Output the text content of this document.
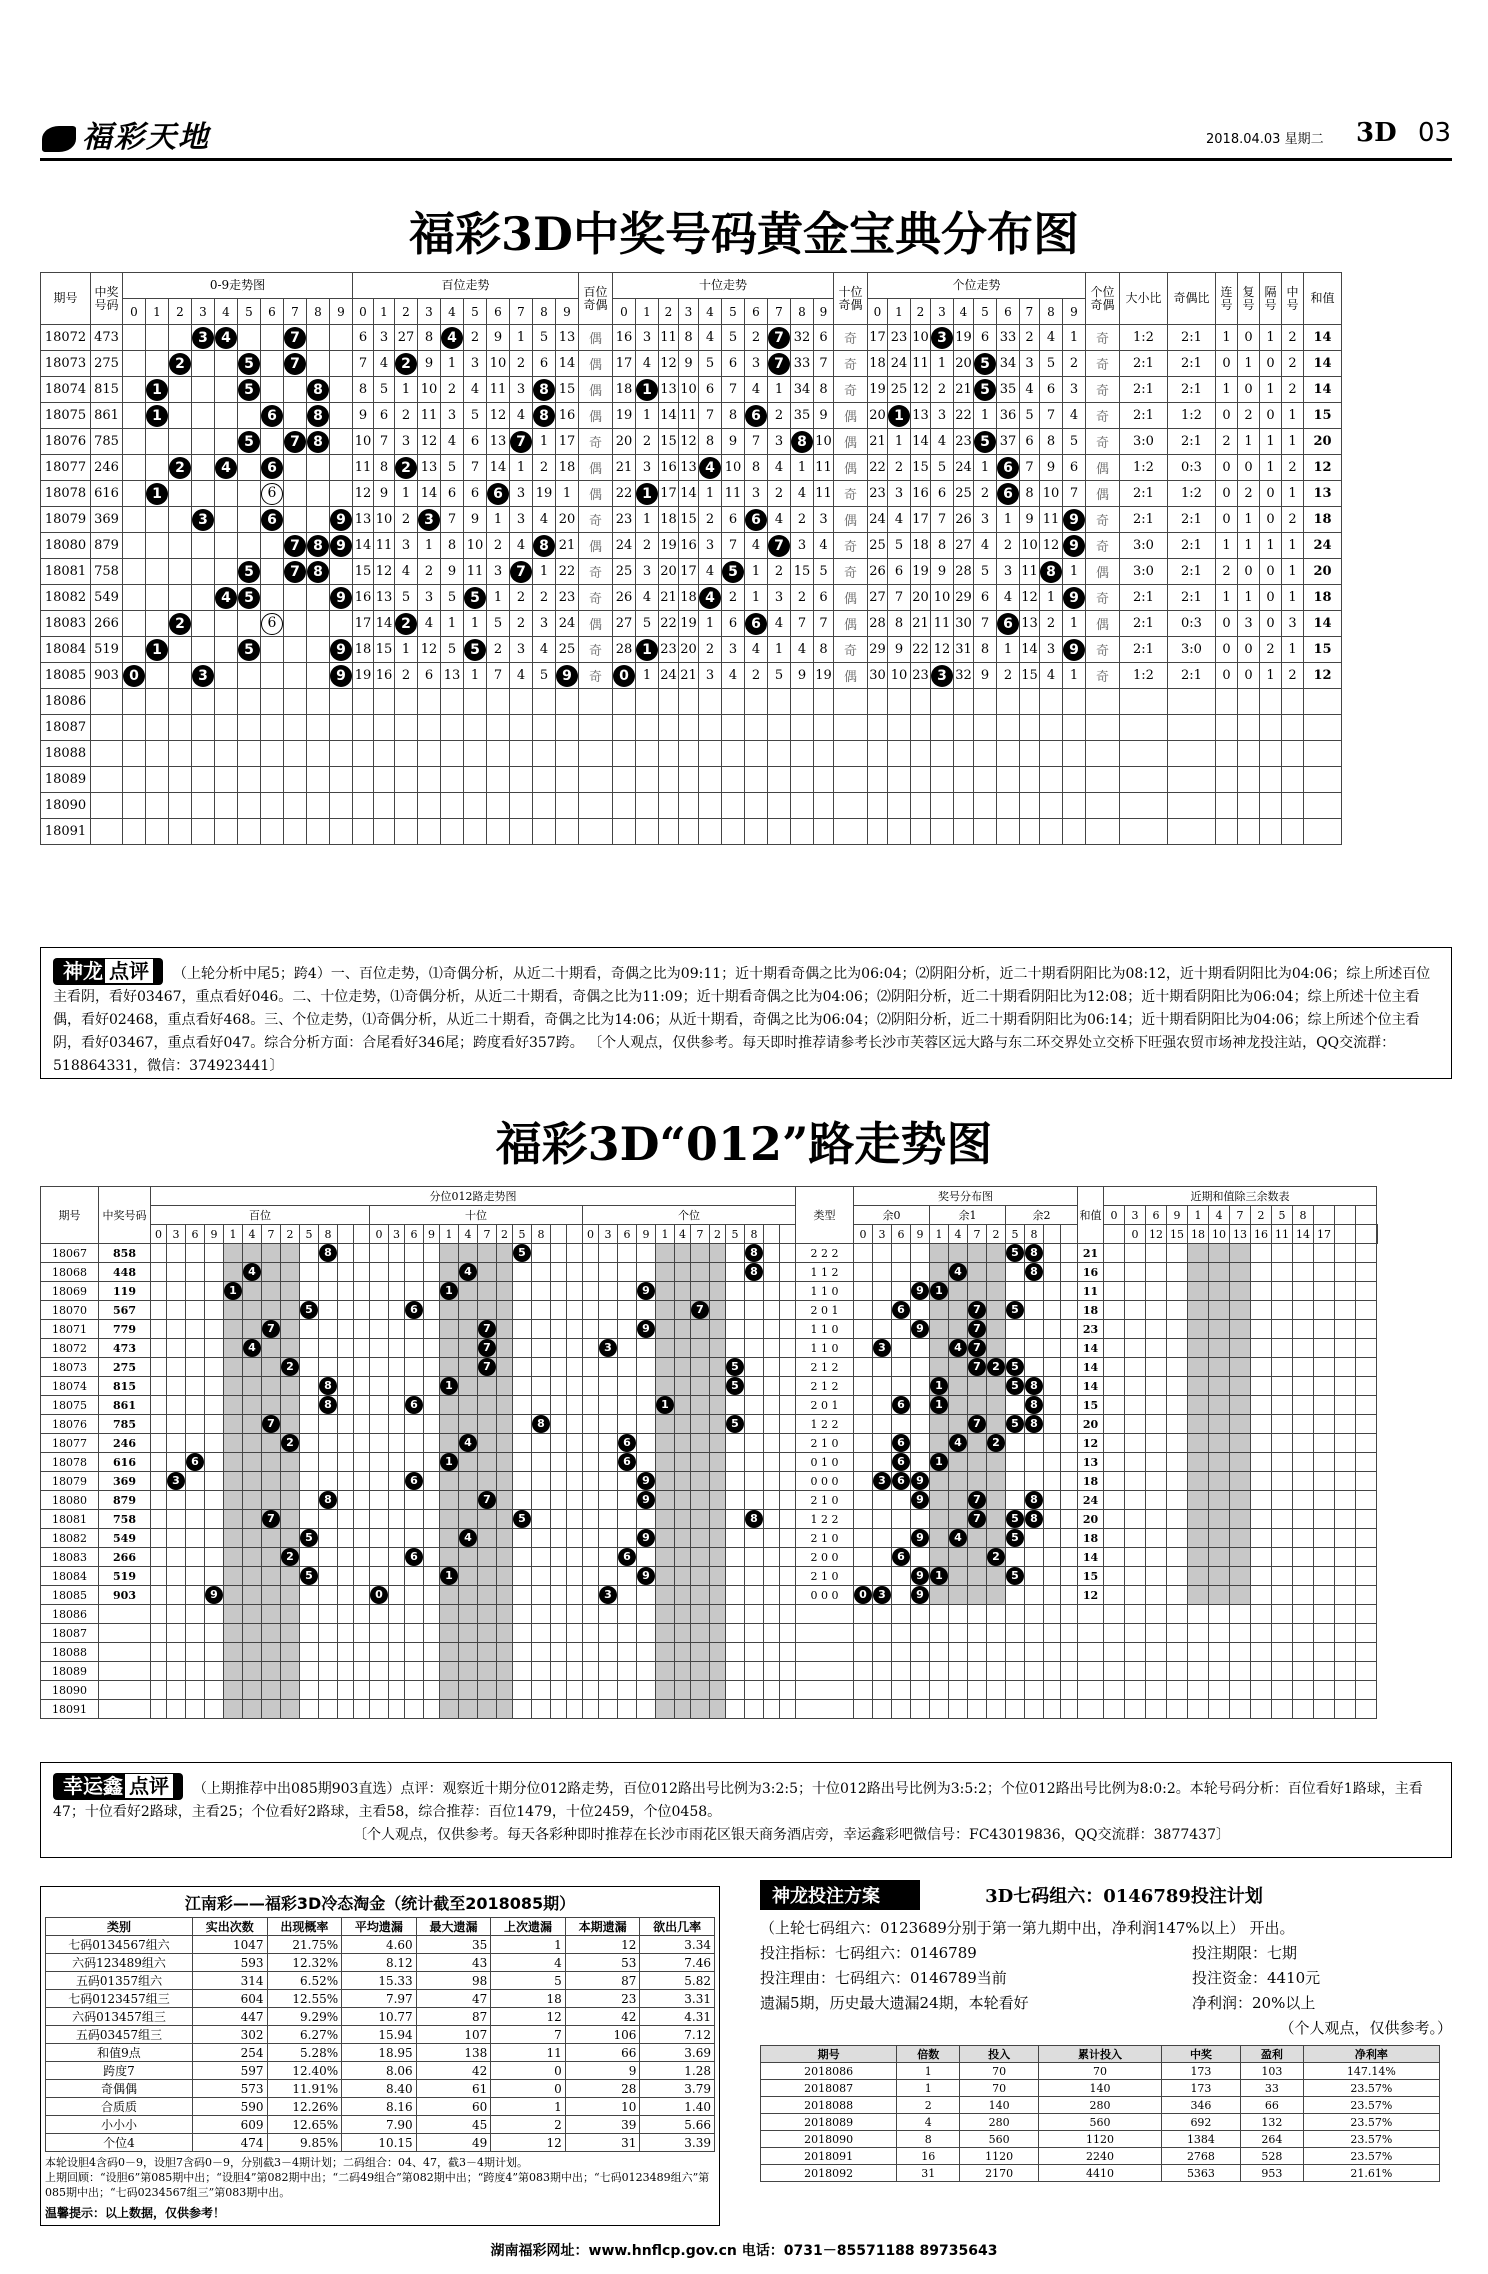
福彩天地	2018.04.03 星期二 3D 03
福彩3D中奖号码黄金宝典分布图
期号	中奖号码	0-9走势图										百位走势										百位奇偶	十位走势										十位奇偶	个位走势										个位奇偶	大小比	奇偶比	连号	复号	隔号	中号	和值
		0	1	2	3	4	5	6	7	8	9	0	1	2	3	4	5	6	7	8	9		0	1	2	3	4	5	6	7	8	9		0	1	2	3	4	5	6	7	8	9								
18072	473				3	4			7			6	3	27	8	4	2	9	1	5	13	偶	16	3	11	8	4	5	2	7	32	6	奇	17	23	10	3	19	6	33	2	4	1	奇	1:2	2:1	1	0	1	2	14
18073	275			2			5		7			7	4	2	9	1	3	10	2	6	14	偶	17	4	12	9	5	6	3	7	33	7	奇	18	24	11	1	20	5	34	3	5	2	奇	2:1	2:1	0	1	0	2	14
18074	815		1				5			8		8	5	1	10	2	4	11	3	8	15	偶	18	1	13	10	6	7	4	1	34	8	奇	19	25	12	2	21	5	35	4	6	3	奇	2:1	2:1	1	0	1	2	14
18075	861		1					6		8		9	6	2	11	3	5	12	4	8	16	偶	19	1	14	11	7	8	6	2	35	9	偶	20	1	13	3	22	1	36	5	7	4	奇	2:1	1:2	0	2	0	1	15
18076	785						5		7	8		10	7	3	12	4	6	13	7	1	17	奇	20	2	15	12	8	9	7	3	8	10	偶	21	1	14	4	23	5	37	6	8	5	奇	3:0	2:1	2	1	1	1	20
18077	246			2		4		6				11	8	2	13	5	7	14	1	2	18	偶	21	3	16	13	4	10	8	4	1	11	偶	22	2	15	5	24	1	6	7	9	6	偶	1:2	0:3	0	0	1	2	12
18078	616		1					6				12	9	1	14	6	6	6	3	19	1	偶	22	1	17	14	1	11	3	2	4	11	奇	23	3	16	6	25	2	6	8	10	7	偶	2:1	1:2	0	2	0	1	13
18079	369				3			6			9	13	10	2	3	7	9	1	3	4	20	奇	23	1	18	15	2	6	6	4	2	3	偶	24	4	17	7	26	3	1	9	11	9	奇	2:1	2:1	0	1	0	2	18
18080	879								7	8	9	14	11	3	1	8	10	2	4	8	21	偶	24	2	19	16	3	7	4	7	3	4	奇	25	5	18	8	27	4	2	10	12	9	奇	3:0	2:1	1	1	1	1	24
18081	758						5		7	8		15	12	4	2	9	11	3	7	1	22	奇	25	3	20	17	4	5	1	2	15	5	奇	26	6	19	9	28	5	3	11	8	1	偶	3:0	2:1	2	0	0	1	20
18082	549					4	5				9	16	13	5	3	5	5	1	2	2	23	奇	26	4	21	18	4	2	1	3	2	6	偶	27	7	20	10	29	6	4	12	1	9	奇	2:1	2:1	1	1	0	1	18
18083	266			2				6				17	14	2	4	1	1	5	2	3	24	偶	27	5	22	19	1	6	6	4	7	7	偶	28	8	21	11	30	7	6	13	2	1	偶	2:1	0:3	0	3	0	3	14
18084	519		1				5				9	18	15	1	12	5	5	2	3	4	25	奇	28	1	23	20	2	3	4	1	4	8	奇	29	9	22	12	31	8	1	14	3	9	奇	2:1	3:0	0	0	2	1	15
18085	903	0			3						9	19	16	2	6	13	1	7	4	5	9	奇	0	1	24	21	3	4	2	5	9	19	偶	30	10	23	3	32	9	2	15	4	1	奇	1:2	2:1	0	0	1	2	12
18086																																																			
18087																																																			
18088																																																			
18089																																																			
18090																																																			
18091																																																			
神龙 点评 （上轮分析中尾5；跨4）一、百位走势，⑴奇偶分析，从近二十期看，奇偶之比为09:11；近十期看奇偶之比为06:04；⑵阴阳分析，近二十期看阴阳比为08:12，近十期看阴阳比为04:06；综上所述百位主看阴，看好03467，重点看好046。二、十位走势，⑴奇偶分析，从近二十期看，奇偶之比为11:09；近十期看奇偶之比为04:06；⑵阴阳分析，近二十期看阴阳比为12:08；近十期看阴阳比为06:04；综上所述十位主看偶，看好02468，重点看好468。三、个位走势，⑴奇偶分析，从近二十期看，奇偶之比为14:06；从近十期看，奇偶之比为06:04；⑵阴阳分析，近二十期看阴阳比为06:14；近十期看阴阳比为04:06；综上所述个位主看阴，看好03467，重点看好047。综合分析方面：合尾看好346尾；跨度看好357跨。 〔个人观点，仅供参考。每天即时推荐请参考长沙市芙蓉区远大路与东二环交界处立交桥下旺强农贸市场神龙投注站，QQ交流群：518864331，微信：374923441〕
福彩3D“012”路走势图
期号	中奖号码	分位012路走势图	类型	奖号分布图	和值	近期和值除三余数表
百位	十位	个位	余0	余1	余2	0	3	6	9	1	4	7	2	5	8			
0	3	6	9	1	4	7	2	5	8			0	3	6	9	1	4	7	2	5	8			0	3	6	9	1	4	7	2	5	8			0	3	6	9	1	4	7	2	5	8				0	12	15	18	10	13	16	11	14	17			
18067	858										8											5													8			2 2 2									5	8			21													
18068	448						4												4																8			1 1 2						4				8			16													
18069	119					1												1											9									1 1 0				9	1								11													
18070	567									5						6																7						2 0 1			6				7		5				18													
18071	779							7												7									9									1 1 0				9			7						23													
18072	473						4													7							3											1 1 0		3				4	7						14													
18073	275								2											7														5				2 1 2							7	2	5				14													
18074	815										8							1																5				2 1 2					1				5	8			14													
18075	861										8					6														1								2 0 1			6		1					8			15													
18076	785							7															8											5				1 2 2							7		5	8			20													
18077	246								2										4									6										2 1 0			6			4		2					12													
18078	616			6														1										6										0 1 0			6		1								13													
18079	369		3													6													9									0 0 0		3	6	9									18													
18080	879										8									7									9									2 1 0				9			7			8			24													
18081	758							7														5													8			1 2 2							7		5	8			20													
18082	549									5									4										9									2 1 0				9		4			5				18													
18083	266								2							6												6										2 0 0			6					2					14													
18084	519									5								1											9									2 1 0				9	1				5				15													
18085	903				9									0													3											0 0 0	0	3		9									12													
18086																																																																
18087																																																																
18088																																																																
18089																																																																
18090																																																																
18091																																																																
幸运鑫 点评 （上期推荐中出085期903直选）点评：观察近十期分位012路走势，百位012路出号比例为3:2:5；十位012路出号比例为3:5:2；个位012路出号比例为8:0:2。本轮号码分析：百位看好1路球，主看47；十位看好2路球，主看25；个位看好2路球，主看58，综合推荐：百位1479，十位2459，个位0458。
〔个人观点，仅供参考。每天各彩种即时推荐在长沙市雨花区银天商务酒店旁，幸运鑫彩吧微信号：FC43019836，QQ交流群：3877437〕
江南彩——福彩3D冷态淘金（统计截至2018085期）
类别	实出次数	出现概率	平均遗漏	最大遗漏	上次遗漏	本期遗漏	欲出几率
七码0134567组六	1047	21.75%	4.60	35	1	12	3.34
六码123489组六	593	12.32%	8.12	43	4	53	7.46
五码01357组六	314	6.52%	15.33	98	5	87	5.82
七码0123457组三	604	12.55%	7.97	47	18	23	3.31
六码013457组三	447	9.29%	10.77	87	12	42	4.31
五码03457组三	302	6.27%	15.94	107	7	106	7.12
和值9点	254	5.28%	18.95	138	11	66	3.69
跨度7	597	12.40%	8.06	42	0	9	1.28
奇偶偶	573	11.91%	8.40	61	0	28	3.79
合质质	590	12.26%	8.16	60	1	10	1.40
小小小	609	12.65%	7.90	45	2	39	5.66
个位4	474	9.85%	10.15	49	12	31	3.39
本轮设胆4含码0－9，设胆7含码0－9，分别截3－4期计划；二码组合：04、47，截3－4期计划。
上期回顾：“设胆6”第085期中出；“设胆4”第082期中出；“二码49组合”第082期中出；“跨度4”第083期中出；“七码0123489组六”第085期中出；“七码0234567组三”第083期中出。
温馨提示：以上数据，仅供参考！
神龙投注方案	3D七码组六：0146789投注计划
（上轮七码组六：0123689分别于第一第九期中出，净利润147%以上） 开出。
投注指标：七码组六：0146789	投注期限：七期
投注理由：七码组六：0146789当前	投注资金：4410元
遗漏5期，历史最大遗漏24期，本轮看好	净利润：20%以上
（个人观点，仅供参考。）
期号	倍数	投入	累计投入	中奖	盈利	净利率
2018086	1	70	70	173	103	147.14%
2018087	1	70	140	173	33	23.57%
2018088	2	140	280	346	66	23.57%
2018089	4	280	560	692	132	23.57%
2018090	8	560	1120	1384	264	23.57%
2018091	16	1120	2240	2768	528	23.57%
2018092	31	2170	4410	5363	953	21.61%
湖南福彩网址：www.hnflcp.gov.cn 电话：0731－85571188 89735643
